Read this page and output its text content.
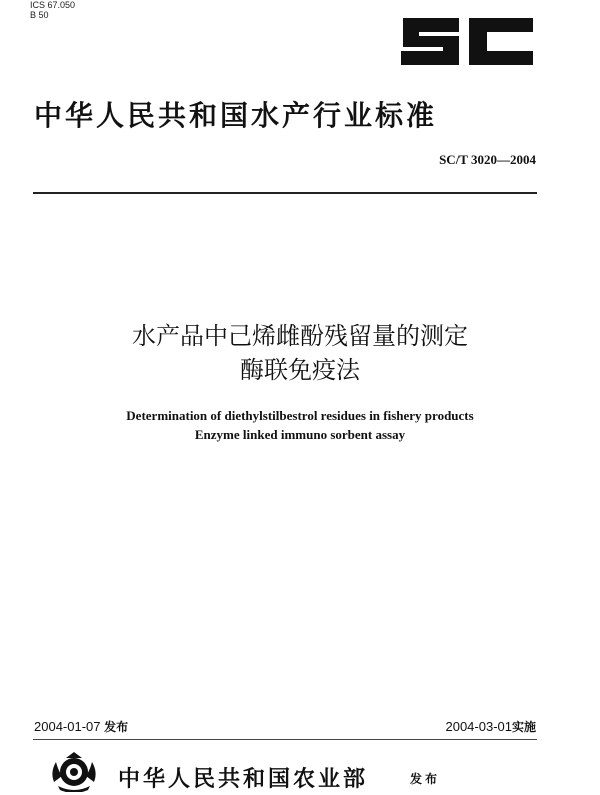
ICS 67.050
B 50
中华人民共和国水产行业标准
SC/T 3020—2004
水产品中己烯雌酚残留量的测定
酶联免疫法
Determination of diethylstilbestrol residues in fishery products
Enzyme linked immuno sorbent assay
2004-01-07 发布	2004-03-01实施
中华人民共和国农业部	发布
